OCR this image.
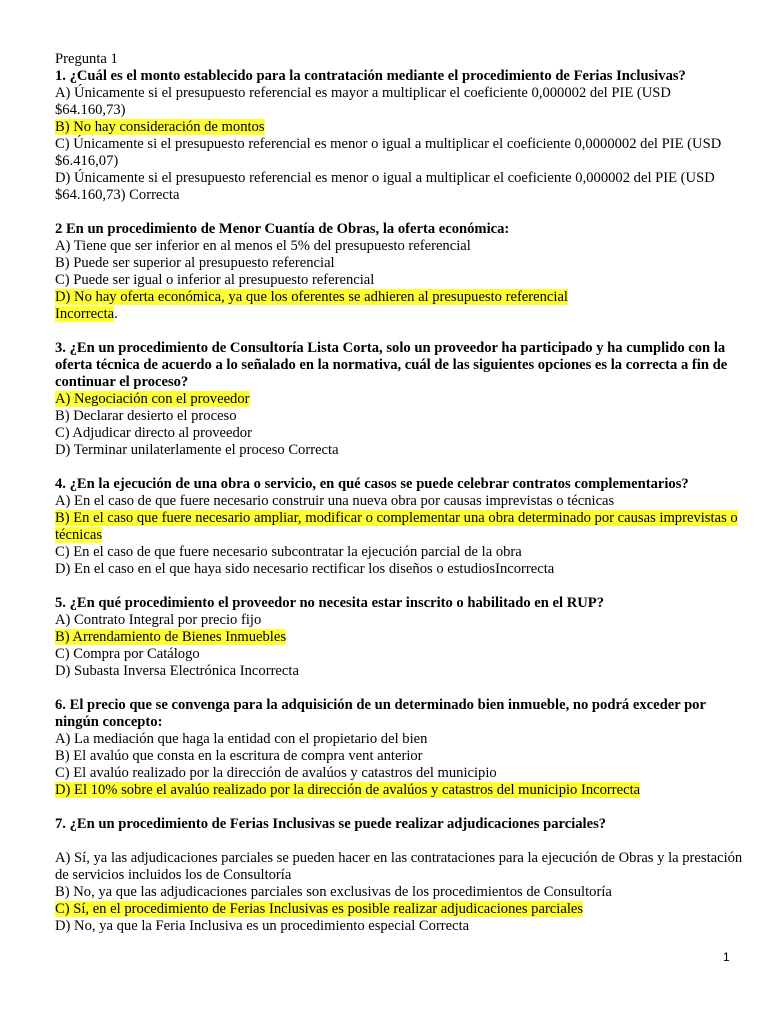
Pregunta 1

1. ¿Cuál es el monto establecido para la contratación mediante el procedimiento de Ferias Inclusivas?

A) Únicamente si el presupuesto referencial es mayor a multiplicar el coeficiente 0,000002 del PIE (USD $64.160,73)

B) No hay consideración de montos

C) Únicamente si el presupuesto referencial es menor o igual a multiplicar el coeficiente 0,0000002 del PIE (USD $6.416,07)

D) Únicamente si el presupuesto referencial es menor o igual a multiplicar el coeficiente 0,000002 del PIE (USD $64.160,73) Correcta

2 En un procedimiento de Menor Cuantía de Obras, la oferta económica:

A) Tiene que ser inferior en al menos el 5% del presupuesto referencial

B) Puede ser superior al presupuesto referencial

C) Puede ser igual o inferior al presupuesto referencial

D) No hay oferta económica, ya que los oferentes se adhieren al presupuesto referencial

Incorrecta.

3. ¿En un procedimiento de Consultoría Lista Corta, solo un proveedor ha participado y ha cumplido con la oferta técnica de acuerdo a lo señalado en la normativa, cuál de las siguientes opciones es la correcta a fin de continuar el proceso?

A) Negociación con el proveedor

B) Declarar desierto el proceso

C) Adjudicar directo al proveedor

D) Terminar unilaterlamente el proceso Correcta

4. ¿En la ejecución de una obra o servicio, en qué casos se puede celebrar contratos complementarios?

A) En el caso de que fuere necesario construir una nueva obra por causas imprevistas o técnicas

B) En el caso que fuere necesario ampliar, modificar o complementar una obra determinado por causas imprevistas o técnicas

C) En el caso de que fuere necesario subcontratar la ejecución parcial de la obra

D) En el caso en el que haya sido necesario rectificar los diseños o estudiosIncorrecta

5. ¿En qué procedimiento el proveedor no necesita estar inscrito o habilitado en el RUP?

A) Contrato Integral por precio fijo

B) Arrendamiento de Bienes Inmuebles

C) Compra por Catálogo

D) Subasta Inversa Electrónica Incorrecta

6. El precio que se convenga para la adquisición de un determinado bien inmueble, no podrá exceder por ningún concepto:

A) La mediación que haga la entidad con el propietario del bien

B) El avalúo que consta en la escritura de compra vent anterior

C) El avalúo realizado por la dirección de avalúos y catastros del municipio

D) El 10% sobre el avalúo realizado por la dirección de avalúos y catastros del municipio Incorrecta

7. ¿En un procedimiento de Ferias Inclusivas se puede realizar adjudicaciones parciales?

A) Sí, ya las adjudicaciones parciales se pueden hacer en las contrataciones para la ejecución de Obras y la prestación de servicios incluidos los de Consultoría

B) No, ya que las adjudicaciones parciales son exclusivas de los procedimientos de Consultoría

C) Sí, en el procedimiento de Ferias Inclusivas es posible realizar adjudicaciones parciales

D) No, ya que la Feria Inclusiva es un procedimiento especial Correcta

1
